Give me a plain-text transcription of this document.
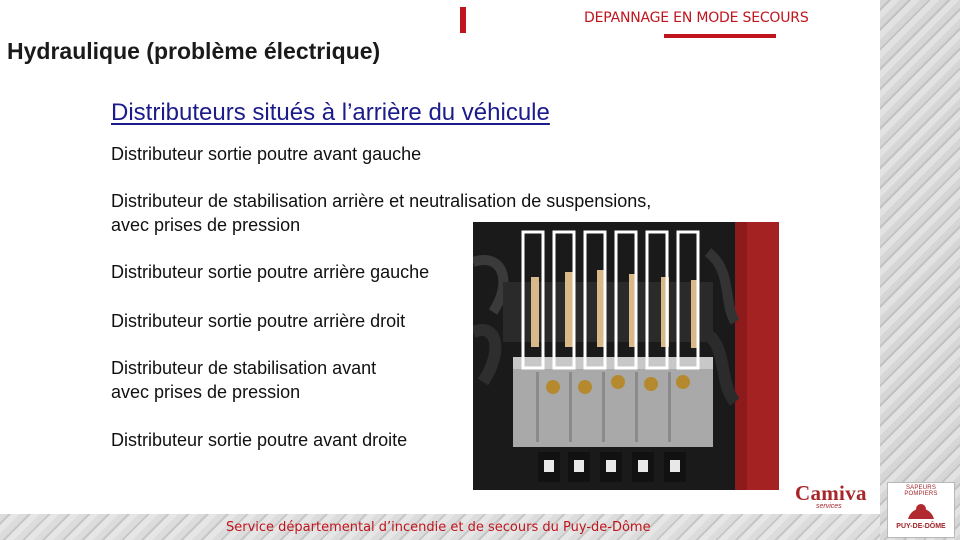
DEPANNAGE EN MODE SECOURS
Hydraulique (problème électrique)
Distributeurs situés à l’arrière du véhicule
Distributeur sortie poutre avant gauche
Distributeur de stabilisation arrière et neutralisation de suspensions,
avec prises de pression
Distributeur sortie poutre arrière gauche
Distributeur sortie poutre arrière droit
Distributeur de stabilisation avant
avec prises de pression
Distributeur sortie poutre avant droite
Service départemental d’incendie et de secours du Puy-de-Dôme
Camiva
services
SAPEURS POMPIERS
PUY-DE-DÔME
